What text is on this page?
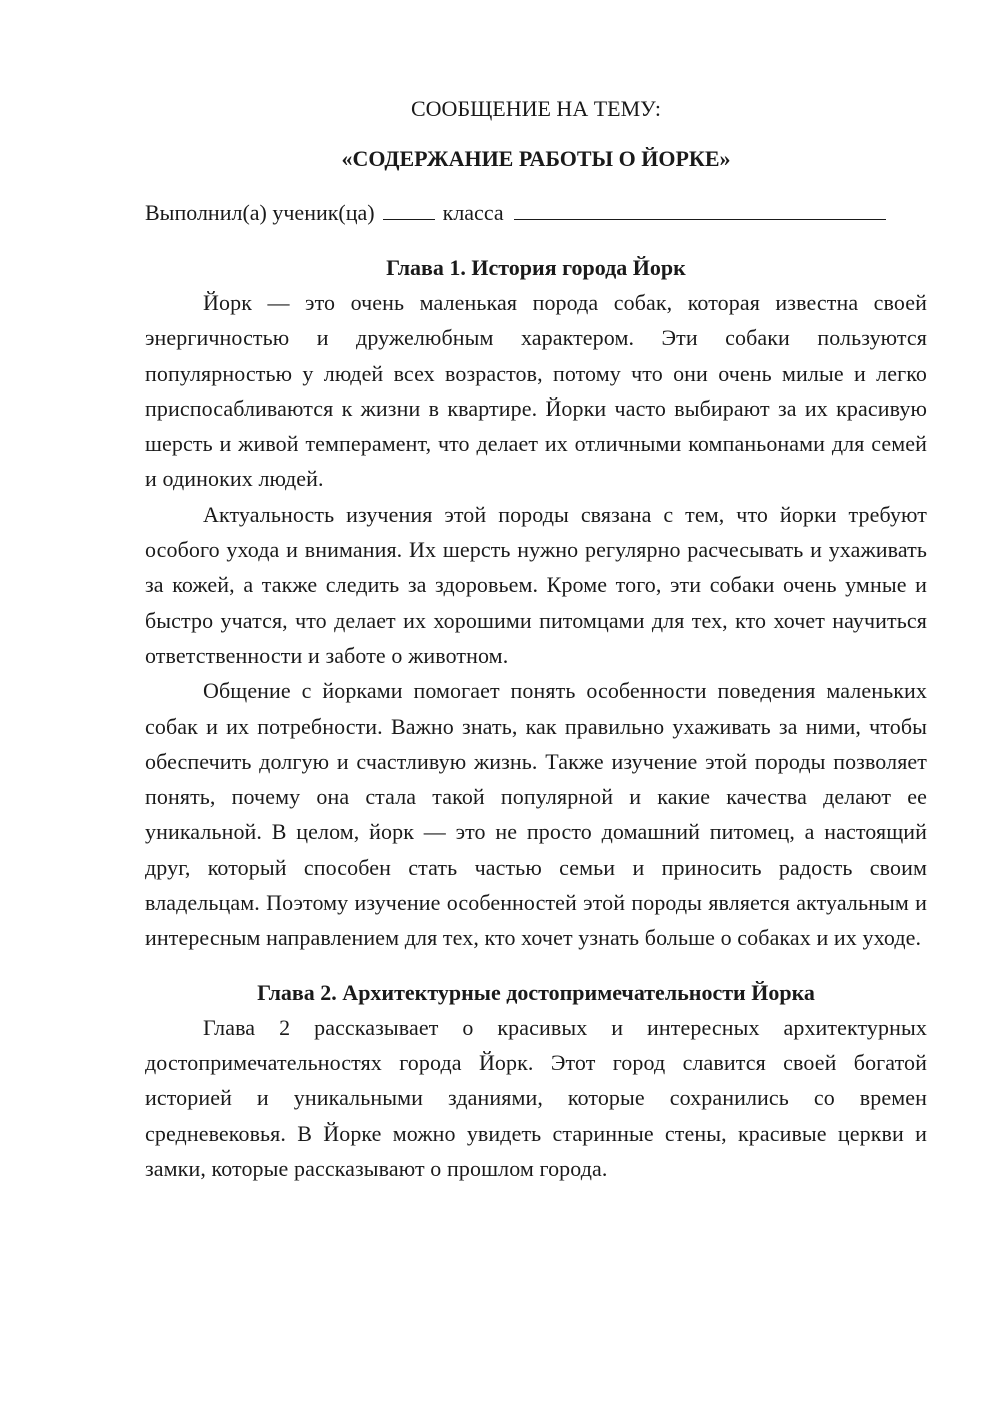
СООБЩЕНИЕ НА ТЕМУ:

«СОДЕРЖАНИЕ РАБОТЫ О ЙОРКЕ»

Выполнил(а) ученик(ца)	класса
Глава 1. История города Йорк

Йорк — это очень маленькая порода собак, которая известна своей энергичностью и дружелюбным характером. Эти собаки пользуются популярностью у людей всех возрастов, потому что они очень милые и легко приспосабливаются к жизни в квартире. Йорки часто выбирают за их красивую шерсть и живой темперамент, что делает их отличными компаньонами для семей и одиноких людей.

Актуальность изучения этой породы связана с тем, что йорки требуют особого ухода и внимания. Их шерсть нужно регулярно расчесывать и ухаживать за кожей, а также следить за здоровьем. Кроме того, эти собаки очень умные и быстро учатся, что делает их хорошими питомцами для тех, кто хочет научиться ответственности и заботе о животном.

Общение с йорками помогает понять особенности поведения маленьких собак и их потребности. Важно знать, как правильно ухаживать за ними, чтобы обеспечить долгую и счастливую жизнь. Также изучение этой породы позволяет понять, почему она стала такой популярной и какие качества делают ее уникальной. В целом, йорк — это не просто домашний питомец, а настоящий друг, который способен стать частью семьи и приносить радость своим владельцам. Поэтому изучение особенностей этой породы является актуальным и интересным направлением для тех, кто хочет узнать больше о собаках и их уходе.

Глава 2. Архитектурные достопримечательности Йорка

Глава 2 рассказывает о красивых и интересных архитектурных достопримечательностях города Йорк. Этот город славится своей богатой историей и уникальными зданиями, которые сохранились со времен средневековья. В Йорке можно увидеть старинные стены, красивые церкви и замки, которые рассказывают о прошлом города.
